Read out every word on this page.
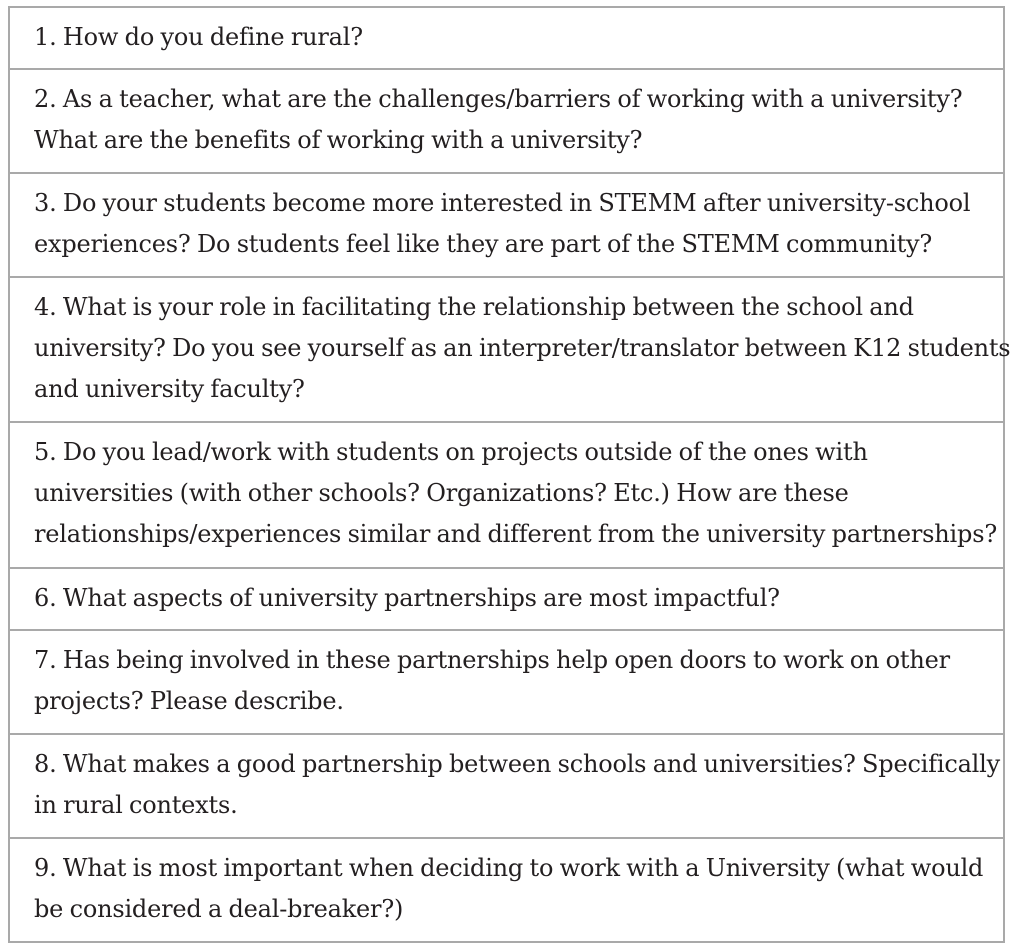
1. How do you define rural?

2. As a teacher, what are the challenges/barriers of working with a university?
What are the benefits of working with a university?

3. Do your students become more interested in STEMM after university-school
experiences? Do students feel like they are part of the STEMM community?

4. What is your role in facilitating the relationship between the school and
university? Do you see yourself as an interpreter/translator between K12 students
and university faculty?

5. Do you lead/work with students on projects outside of the ones with
universities (with other schools? Organizations? Etc.) How are these
relationships/experiences similar and different from the university partnerships?

6. What aspects of university partnerships are most impactful?

7. Has being involved in these partnerships help open doors to work on other
projects? Please describe.

8. What makes a good partnership between schools and universities? Specifically
in rural contexts.

9. What is most important when deciding to work with a University (what would
be considered a deal-breaker?)
